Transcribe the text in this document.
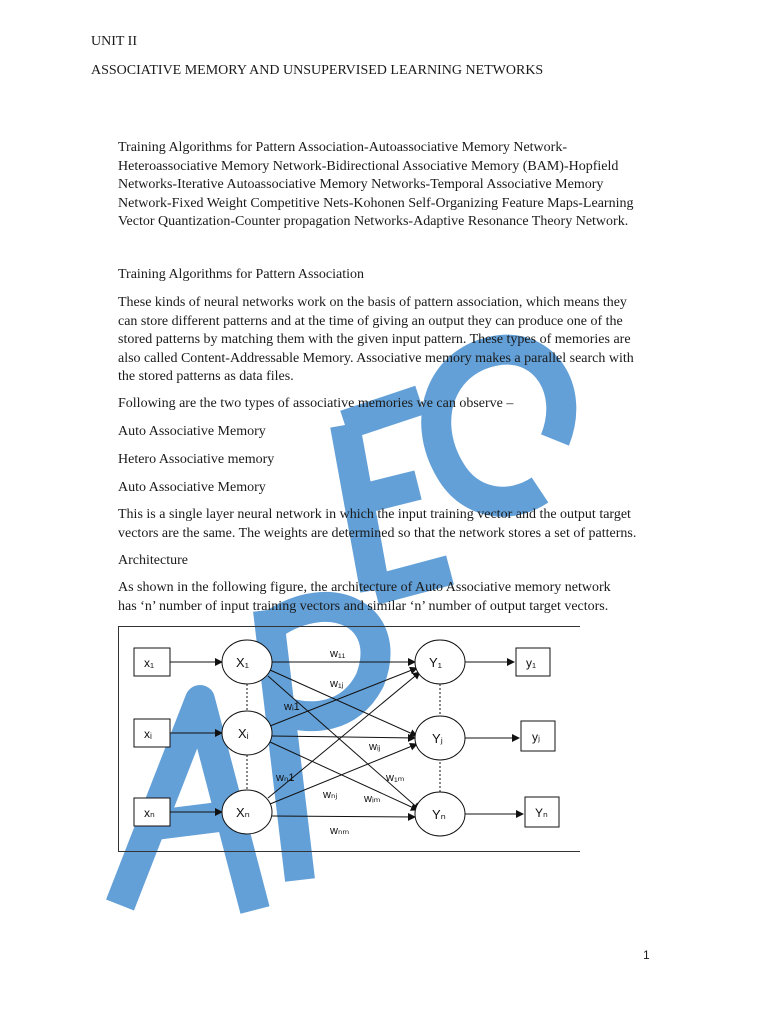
UNIT II
ASSOCIATIVE MEMORY AND UNSUPERVISED LEARNING NETWORKS
Training Algorithms for Pattern Association-Autoassociative Memory Network-
Heteroassociative Memory Network-Bidirectional Associative Memory (BAM)-Hopfield
Networks-Iterative Autoassociative Memory Networks-Temporal Associative Memory
Network-Fixed Weight Competitive Nets-Kohonen Self-Organizing Feature Maps-Learning
Vector Quantization-Counter propagation Networks-Adaptive Resonance Theory Network.
Training Algorithms for Pattern Association
These kinds of neural networks work on the basis of pattern association, which means they
can store different patterns and at the time of giving an output they can produce one of the
stored patterns by matching them with the given input pattern. These types of memories are
also called Content-Addressable Memory. Associative memory makes a parallel search with
the stored patterns as data files.
Following are the two types of associative memories we can observe –
Auto Associative Memory
Hetero Associative memory
Auto Associative Memory
This is a single layer neural network in which the input training vector and the output target
vectors are the same. The weights are determined so that the network stores a set of patterns.
Architecture
As shown in the following figure, the architecture of Auto Associative memory network
has ‘n’ number of input training vectors and similar ‘n’ number of output target vectors.
x₁
xᵢ
xₙ
X₁
Xᵢ
Xₙ
w₁₁
w₁ⱼ
wᵢ1
wᵢⱼ
wₙ1	w₁ₘ
wₙⱼ wᵢₘ
wₙₘ
Y₁
Yⱼ
Yₙ
y₁
yⱼ
Yₙ
1
